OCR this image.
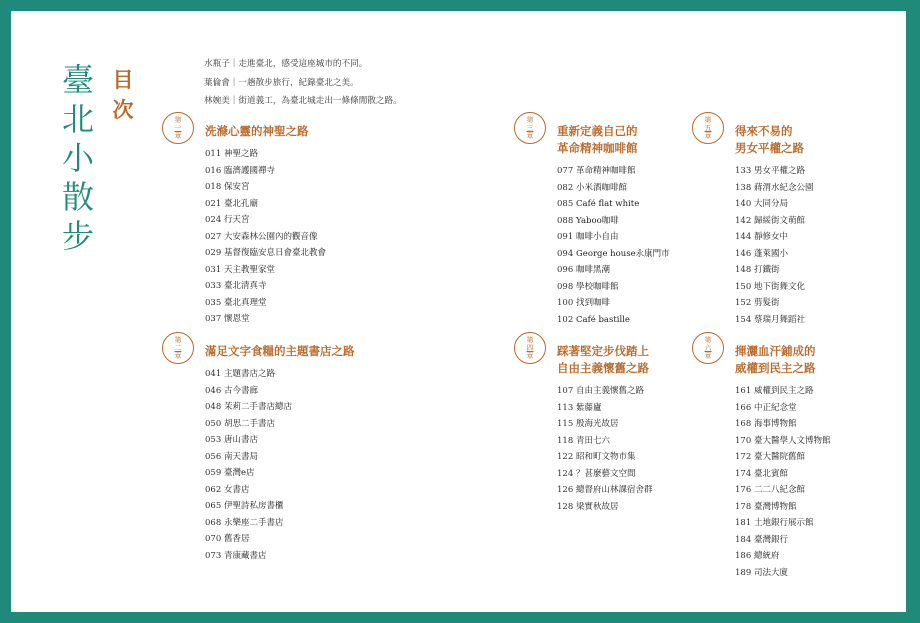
臺北小散步
目次
水瓶子｜走進臺北，感受這座城市的不同。
葉倫會｜一趟散步旅行，紀錄臺北之美。
林婉美｜街道義工，為臺北城走出一條條閒散之路。
第
一
章 洗滌心靈的神聖之路
011 神聖之路
016 臨濟護國禪寺
018 保安宮
021 臺北孔廟
024 行天宮
027 大安森林公園內的觀音像
029 基督復臨安息日會臺北教會
031 天主教聖家堂
033 臺北清真寺
035 臺北真理堂
037 懷恩堂
第
二
章 滿足文字食糧的主題書店之路
041 主題書店之路
046 古今書廊
048 茉莉二手書店總店
050 胡思二手書店
053 唐山書店
056 南天書局
059 臺灣e店
062 女書店
065 伊聖詩私房書櫃
068 永樂座二手書店
070 舊香居
073 青康藏書店
第
三
章 重新定義自己的
革命精神咖啡館
077 革命精神咖啡館
082 小米酒咖啡館
085 Café flat white
088 Yaboo咖啡
091 咖啡小自由
094 George house永康門市
096 咖啡黑潮
098 學校咖啡館
100 找到咖啡
102 Café bastille
第
四
章 踩著堅定步伐踏上
自由主義懷舊之路
107 自由主義懷舊之路
113 紫藤廬
115 殷海光故居
118 青田七六
122 昭和町文物市集
124 ？甚麼藝文空間
126 總督府山林課宿舍群
128 梁實秋故居
第
五
章 得來不易的
男女平權之路
133 男女平權之路
138 蔣渭水紀念公園
140 大同分局
142 歸綏街文萌館
144 靜修女中
146 蓬萊國小
148 打鐵街
150 地下街舞文化
152 剪髮街
154 蔡瑞月舞蹈社
第
六
章 揮灑血汗鋪成的
威權到民主之路
161 威權到民主之路
166 中正紀念堂
168 海事博物館
170 臺大醫學人文博物館
172 臺大醫院舊館
174 臺北賓館
176 二二八紀念館
178 臺灣博物館
181 土地銀行展示館
184 臺灣銀行
186 總統府
189 司法大廈
